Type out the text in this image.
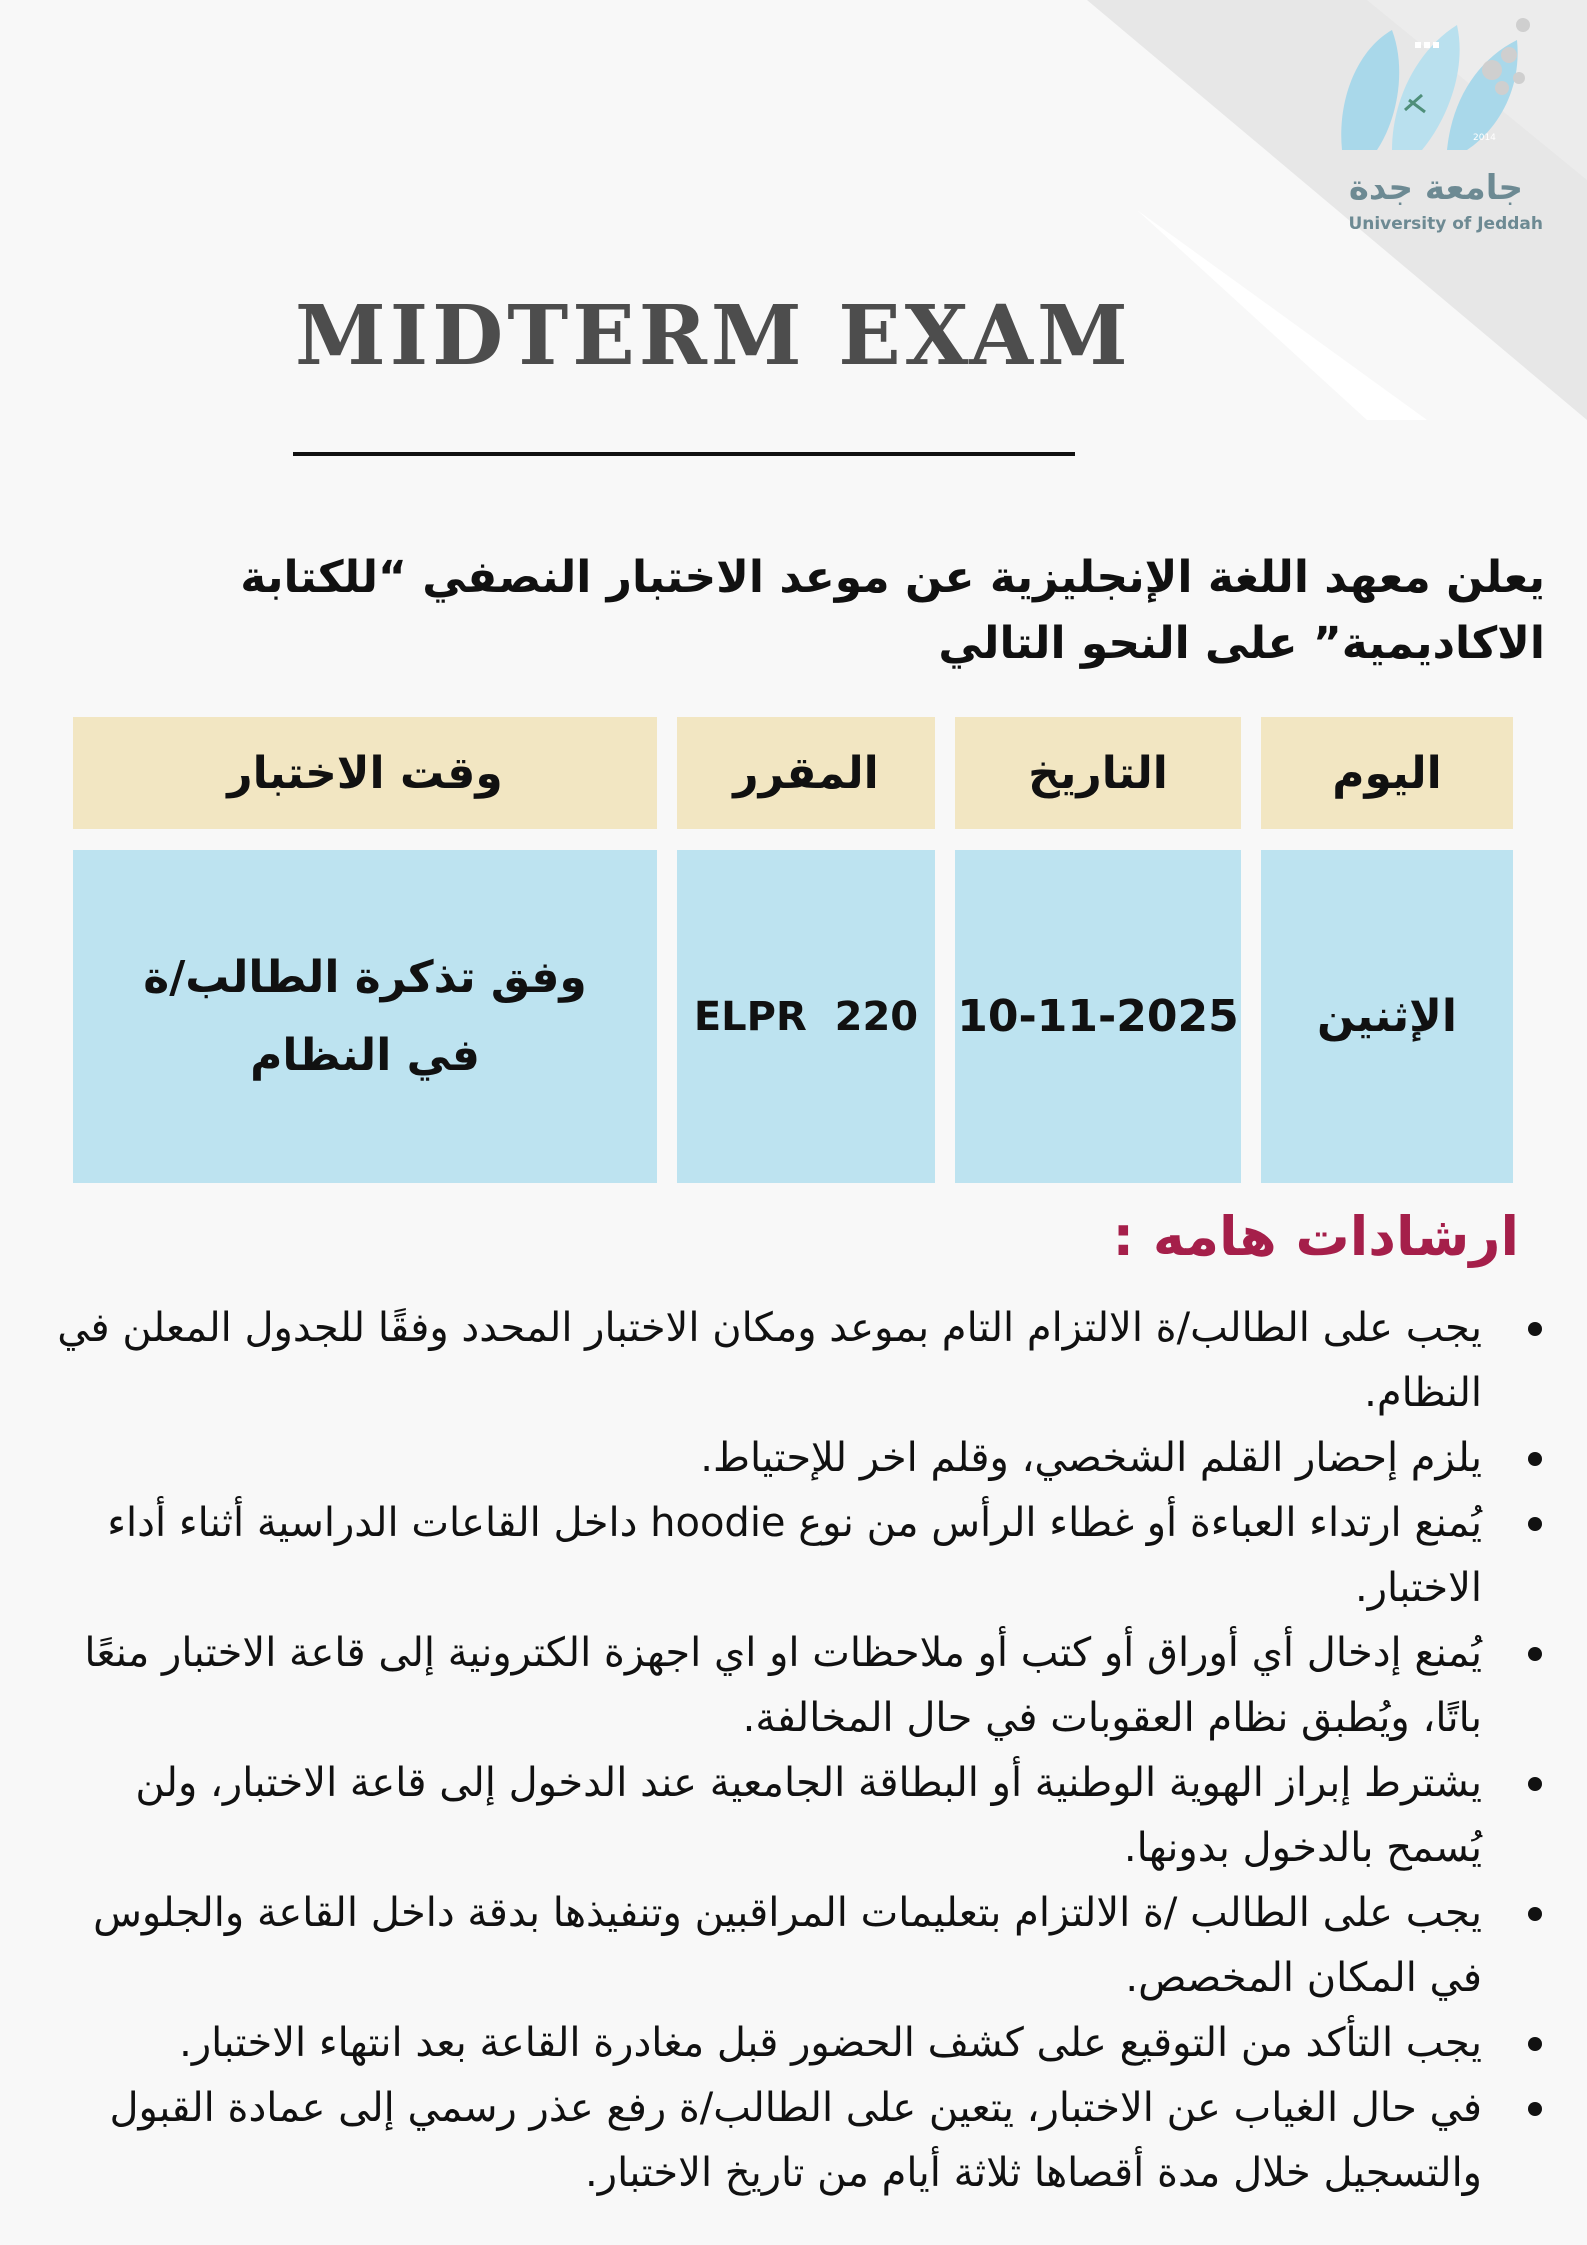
2014
جامعة جدة
University of Jeddah
MIDTERM EXAM
يعلن معهد اللغة الإنجليزية عن موعد الاختبار النصفي “للكتابة الاكاديمية” على النحو التالي
اليوم
التاريخ
المقرر
وقت الاختبار
الإثنين
10-11-2025
ELPR  220
وفق تذكرة الطالب/ة في النظام
ارشادات هامه :
يجب على الطالب/ة الالتزام التام بموعد ومكان الاختبار المحدد وفقًا للجدول المعلن في النظام.
يلزم إحضار القلم الشخصي، وقلم اخر للإحتياط.
يُمنع ارتداء العباءة أو غطاء الرأس من نوع hoodie داخل القاعات الدراسية أثناء أداء الاختبار.
يُمنع إدخال أي أوراق أو كتب أو ملاحظات او اي اجهزة الكترونية إلى قاعة الاختبار منعًا باتًا، ويُطبق نظام العقوبات في حال المخالفة.
يشترط إبراز الهوية الوطنية أو البطاقة الجامعية عند الدخول إلى قاعة الاختبار، ولن يُسمح بالدخول بدونها.
يجب على الطالب /ة الالتزام بتعليمات المراقبين وتنفيذها بدقة داخل القاعة والجلوس في المكان المخصص.
يجب التأكد من التوقيع على كشف الحضور قبل مغادرة القاعة بعد انتهاء الاختبار.
في حال الغياب عن الاختبار، يتعين على الطالب/ة رفع عذر رسمي إلى عمادة القبول والتسجيل خلال مدة أقصاها ثلاثة أيام من تاريخ الاختبار.
